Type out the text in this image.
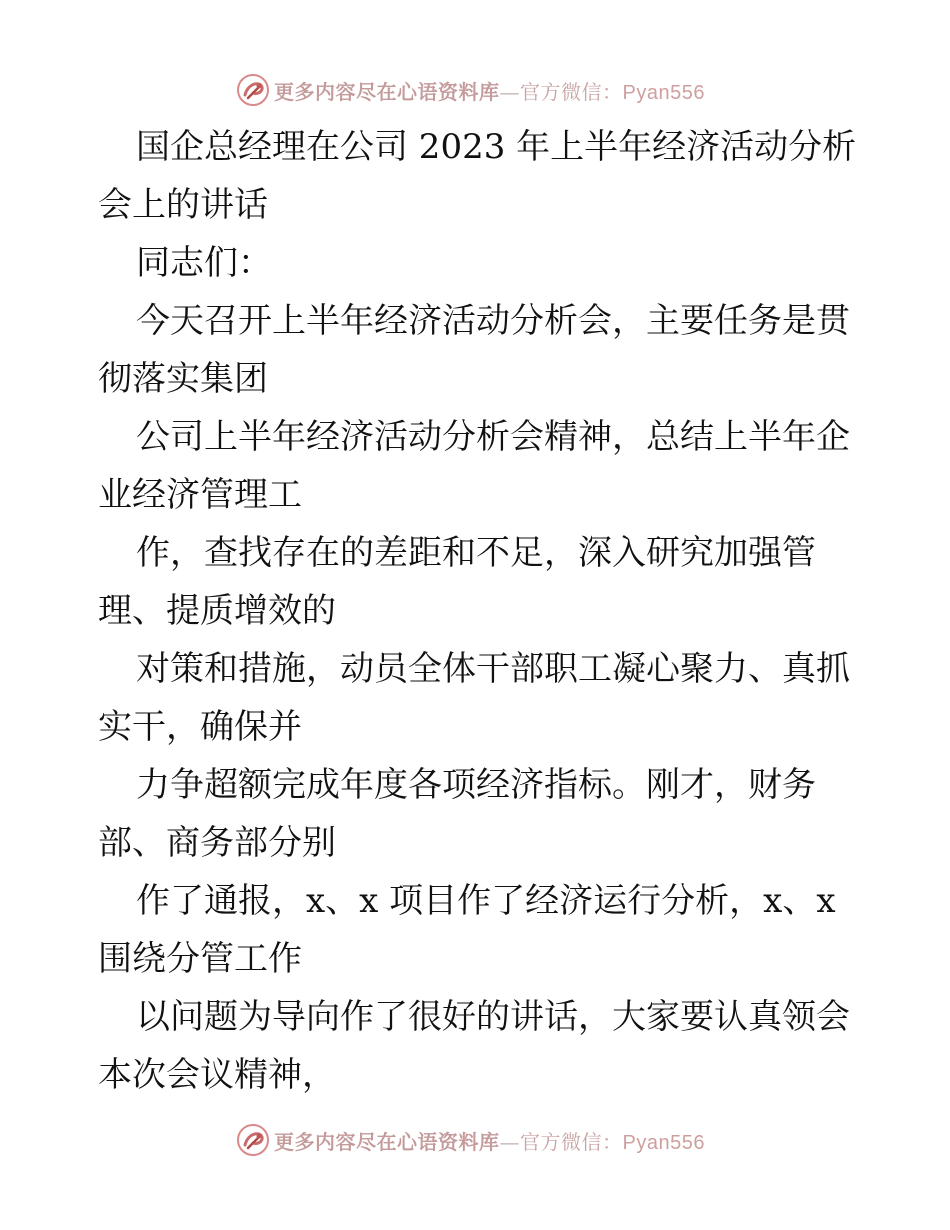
更多内容尽在心语资料库—官方微信：Pyan556
国企总经理在公司 2023 年上半年经济活动分析
会上的讲话
同志们：
今天召开上半年经济活动分析会，主要任务是贯
彻落实集团
公司上半年经济活动分析会精神，总结上半年企
业经济管理工
作，查找存在的差距和不足，深入研究加强管
理、提质增效的
对策和措施，动员全体干部职工凝心聚力、真抓
实干，确保并
力争超额完成年度各项经济指标。刚才，财务
部、商务部分别
作了通报，x、x 项目作了经济运行分析，x、x
围绕分管工作
以问题为导向作了很好的讲话，大家要认真领会
本次会议精神，
更多内容尽在心语资料库—官方微信：Pyan556
